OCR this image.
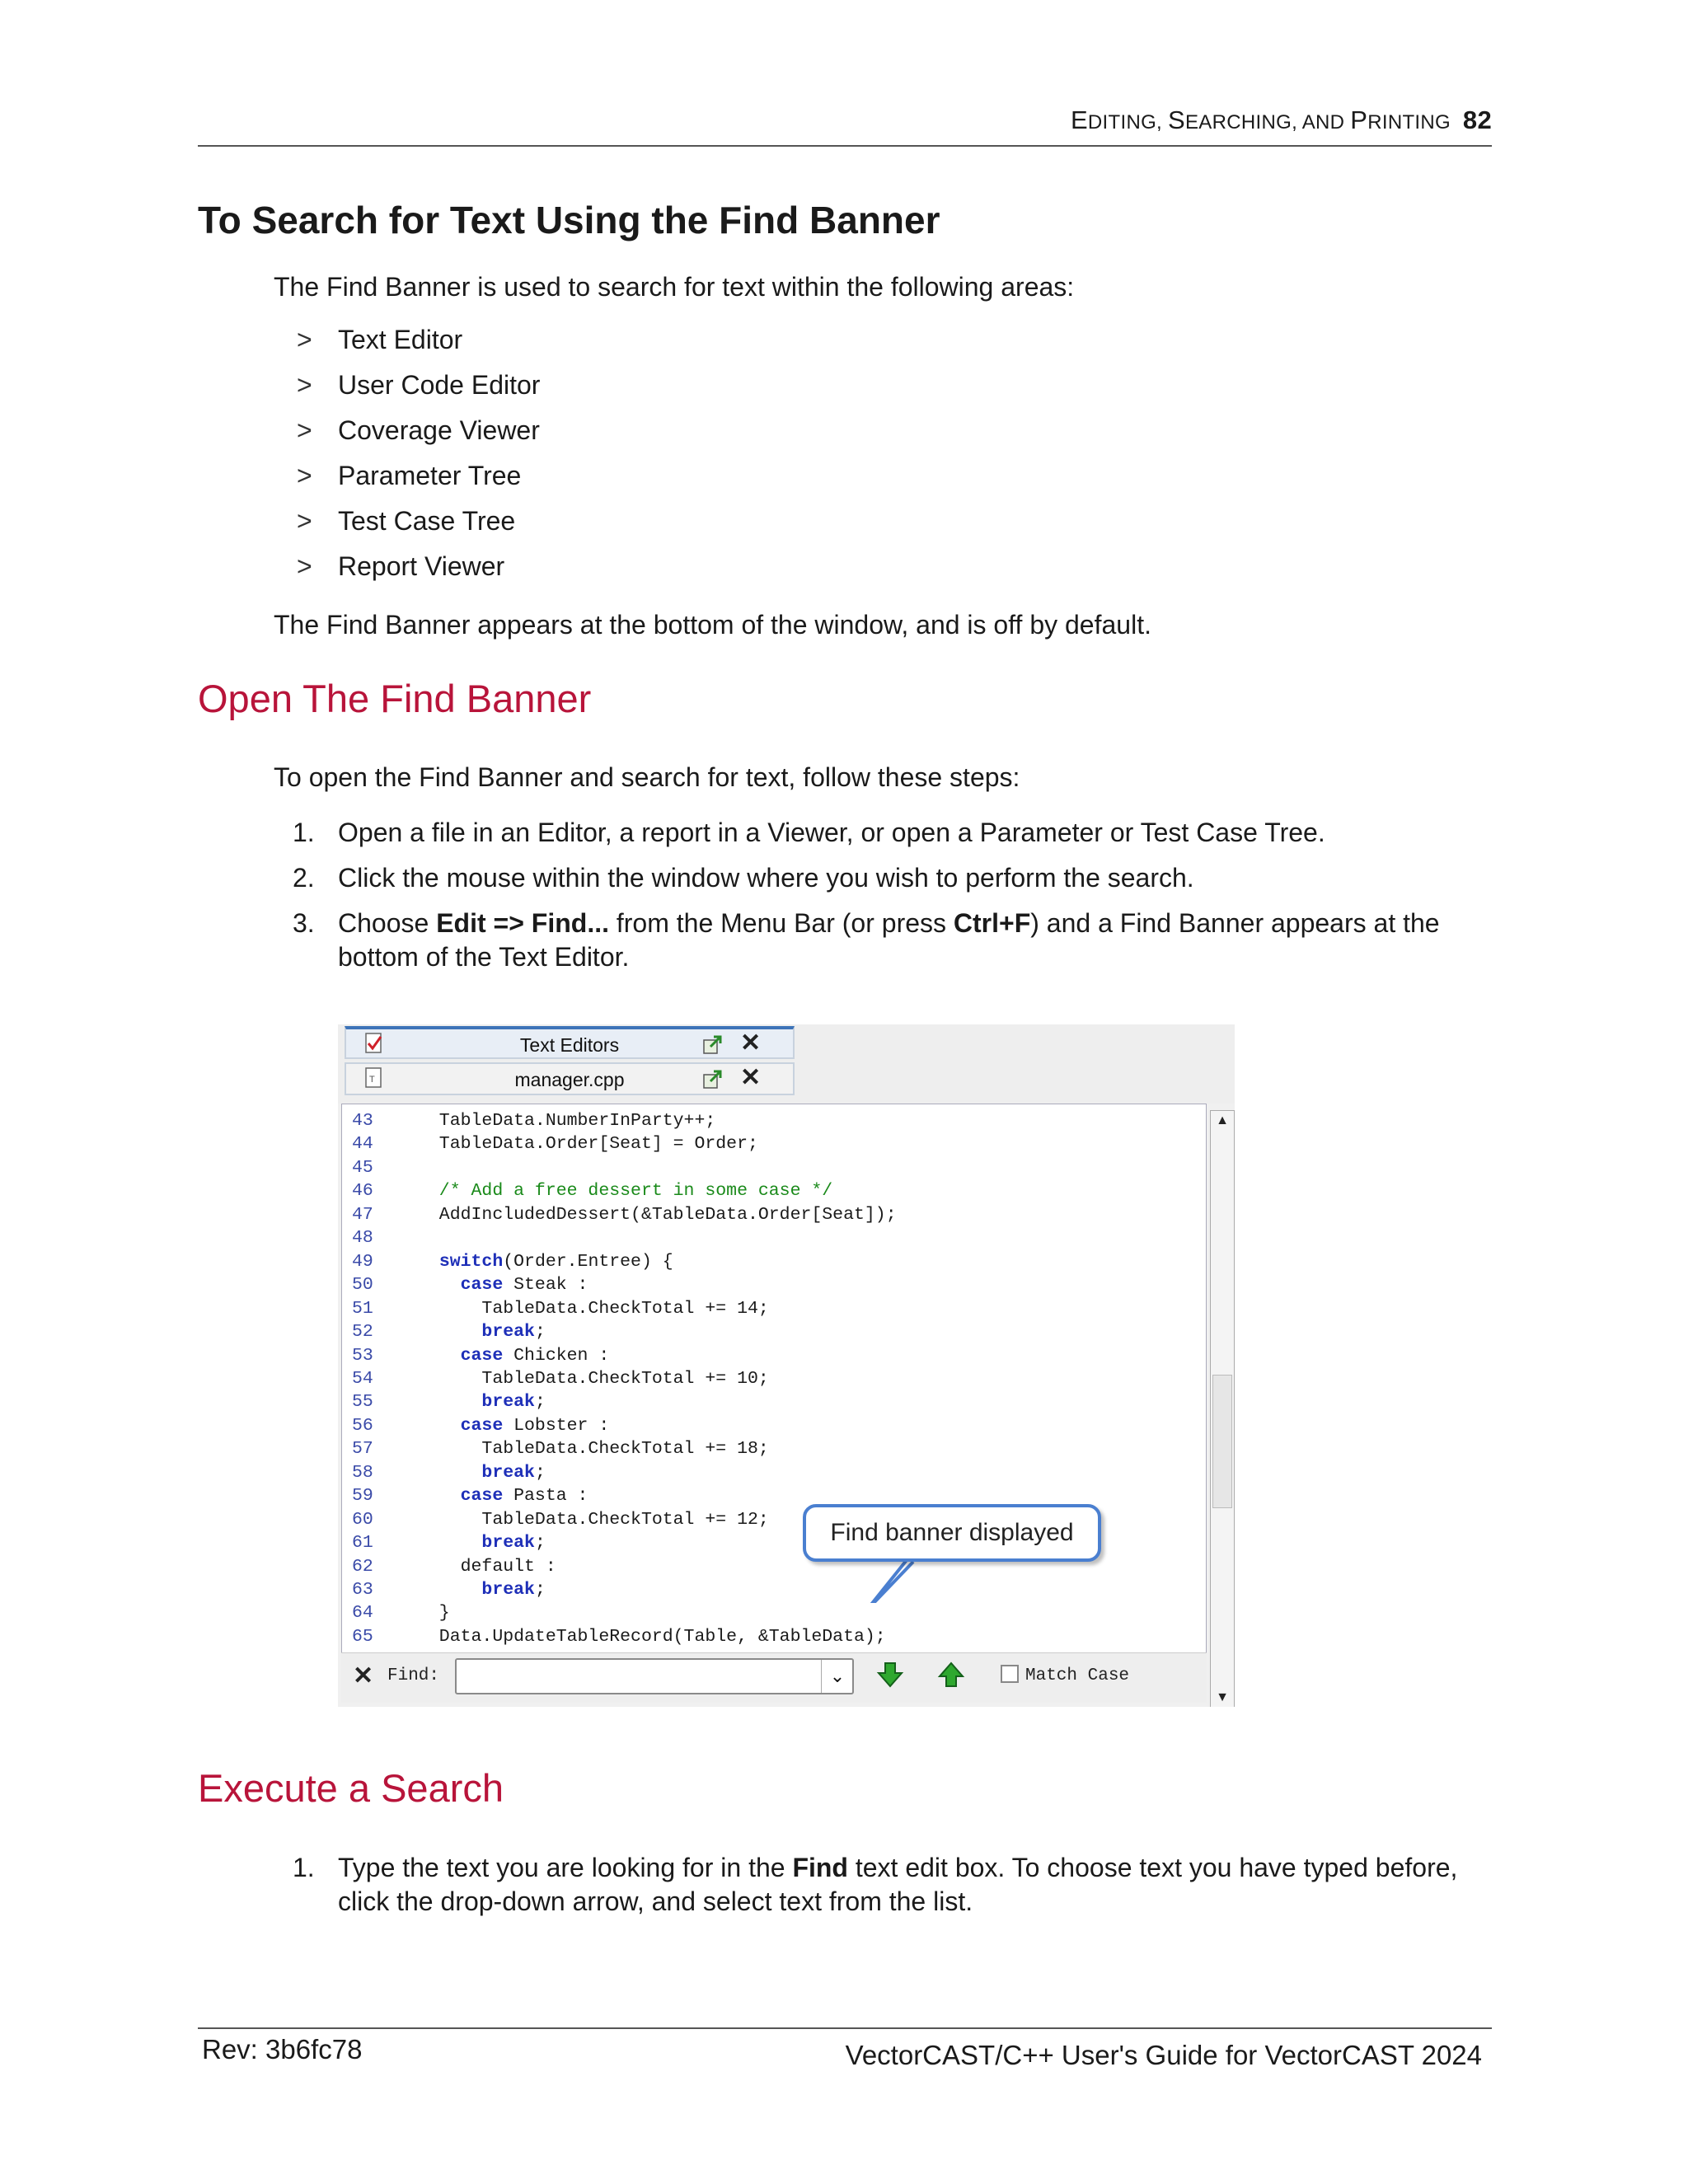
EDITING, SEARCHING, AND PRINTING 82
To Search for Text Using the Find Banner

The Find Banner is used to search for text within the following areas:

> Text Editor
> User Code Editor
> Coverage Viewer
> Parameter Tree
> Test Case Tree
> Report Viewer

The Find Banner appears at the bottom of the window, and is off by default.

Open The Find Banner

To open the Find Banner and search for text, follow these steps:

1. Open a file in an Editor, a report in a Viewer, or open a Parameter or Test Case Tree.
2. Click the mouse within the window where you wish to perform the search.
3. Choose Edit => Find... from the Menu Bar (or press Ctrl+F) and a Find Banner appears at the bottom of the Text Editor.
Text Editors	✕
T	manager.cpp	✕
43	TableData.NumberInParty++;
44	TableData.Order[Seat] = Order;
45
46	/* Add a free dessert in some case */
47	AddIncludedDessert(&TableData.Order[Seat]);
48
49	switch(Order.Entree) {
50	case Steak :
51	TableData.CheckTotal += 14;
52	break;
53	case Chicken :
54	TableData.CheckTotal += 10;
55	break;
56	case Lobster :
57	TableData.CheckTotal += 18;
58	break;
59	case Pasta :
60	TableData.CheckTotal += 12;
61	break;
62	default :
63	break;
64	}
65	Data.UpdateTableRecord(Table, &TableData);
▲
▼
✕ Find:	⌄	Match Case
Find banner displayed
Execute a Search
1. Type the text you are looking for in the Find text edit box. To choose text you have typed before, click the drop-down arrow, and select text from the list.
Rev: 3b6fc78	VectorCAST/C++ User's Guide for VectorCAST 2024
